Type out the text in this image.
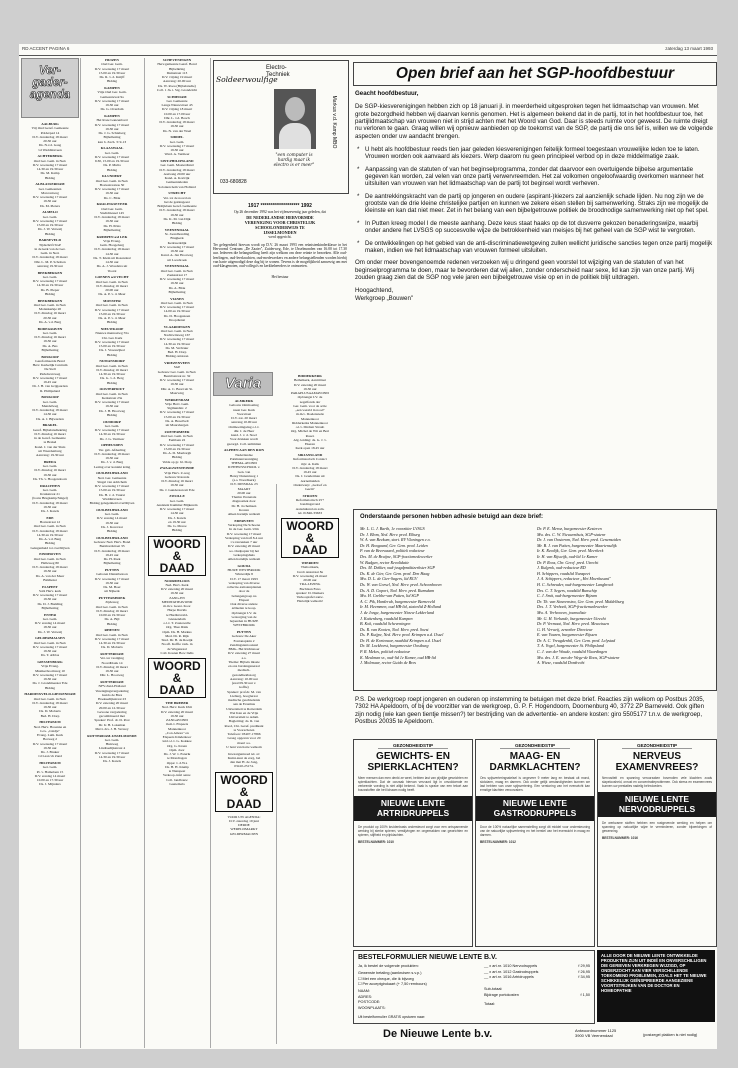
RD ACCENT PAGINA 6	zaterdag 13 maart 1993
Ver-
gader-
agenda
AALBURG

Vrij Oud Geref. Gemeente
Polderpad 14
D.V. donderdag 18 maart
20.30 uur
Ds. N.v.d. Gaag
vd Waddinxveen
ACHTERBERG

Oud Ger. Gem. in Ned.
D.V. woensdag 17 maart
14.30 en 19.30 uur
Ds. M. Kamp
Biddag
ALBLASSERDAM

Ger. Gemeenten
Marconiweg
D.V. woensdag 17 maart
19.30 uur
Ds. M. Pieters
ALMELO

Ger. Gem.
D.V. woensdag 17 maart
15.00 en 19.30 uur
Ds. J. W. Verweij
Biddag
BARNEVELD

Tijdschrift SGP
in de kerk van de Ger.
Gem. in Ned.
D.V. donderdag 18 maart
Dhr. L. M. P. Scholten
aanvang 19.30 uur
BEEKBERGEN

Ger. Gem.
D.V. woensdag 17 maart
14.30 en 19.30 uur
Ds. B. Pieper
Biddag
BEEKBERGEN

Oud Ger. Gem. in Ned.
Molenkerkje 20
D.V. dinsdag 16 maart
20.30 uur
Ds. A. v.d. Berg
BODEGRAVEN

Ger. Gem.
D.V. dinsdag 16 maart
19.30 uur
Ds. A. Bas
Bijbellezing
BOSKOOP

Gereformeerde Bond
Herv. Kerkelijk Centrum
De Stell
Parkdwarsweg
D.V. woensdag 17 maart
19.45 uur
Dr. J. H. van Grijgaarden
R. Philipsland
BOSKOOP

Ger. Gem.
Mendelweg
D.V. donderdag 18 maart
14.30 uur
Ds. A. J. Bijwarden
BRAKEL

Geref. Bijbelstudiekring
D.V. dinsdag 16 maart
in de Geref. Gemeente
te Brakel
Kand. J. van der Sluis
uit Waardenburg
Aanvang: 19.30 uur
BREDA

Ger. Gem.
D.V. dinsdag 16 maart
19.30 uur
Ds. Th. v. Hoogendoorn
DRACHTEN

Ger. Gem.
Kruisstraat 21
(bouw Brugkamp/Singel)
D.V. donderdag 18 maart
19.30 uur
Ds. J. Karels
EDE

Bouwstraat 12
Oud Ger. Gem. in Ned.
D.V. donderdag 18 maart
14.30 en 19.30 uur
Ds. A. v.d. Berg
Biddag
Gelegenheid tot overblijven
EINDHOVEN

Oud Ger. Gem. in Ned.
Halleweg 80
D.V. donderdag 18 maart
19.30 uur
Ds. A. van der Meer
Biddienst
ELSPEET

Sobi Herv. kerk
D.V. woensdag 17 maart
19.30 uur
Ds. D. J. Budding
Bijbellezing
ENTER

Ger. Gem.
D.V. zondag 14 maart
18.30 uur
Ds. J. W. Verweij
GELDERMALSEN

Oud Ger. Gem. in Ned.
D.V. woensdag 17 maart
19.30 uur
Ds. T. Alblas
GIESSENBURG

Vrije Evang.
Musikerboomweg 10
D.V. woensdag 17 maart
19.30 uur
Ds. J. Grondmeester Ede
Biddag
HARDINXVELD-GIESSENDAM

Oud Ger. Gem. in Ned.
D.V. donderdag 18 maart
19.30 uur
Ds. D. Moberts
Bed. H. Dorp
HILVERSUM

Ned. Herv. Hosanna en
G.G. „Lindje"
Evang. Luth. Kerk
Bosweg 2
D.V. woensdag 17 maart
19.30 uur
Ds. J. Bruker
vd Laan vh Zand
HILVERSUM

Ger. Gem.
Pr. v. Hamelaan 15
D.V. zondag 14 maart
10.00 en 17.30 uur
Ds. J. Mijnders
HUIZEN

Oud Ger. Gem.
D.V. woensdag 17 maart
15.00 en 19.30 uur
Ds. R. v. d. Knijff
Biddag
KAMPEN

Vrije Oud Ger. Gem.
Gemeentewal 9a
D.V. woensdag 17 maart
19.30 uur
Ds. G. Overdam
KAMPEN

Het Roze Ganzenbord
D.V. woensdag 17 maart
19.30 uur
Ds. J. G. Schieberg
Bijbellezing
kan b. Zach. 3: 9-13
KLAASWAAL

Ger. Gem.
D.V. woensdag 17 maart
9.30, 15.00 en 19.30 uur
Ds. P. Mulia
Biddag
KLUNDERT

Oud Ger. Gem. in Ned.
Bouwstraatsas 50
D.V. woensdag 17 maart
19.30 uur
Ds. C. Blok
KRALINGSEVEER

Oud Ger. Gem.
Stadtdriessel 145
D.V. donderdag 18 maart
19.30 uur
Ds. H. Prins
Bijbellezing
KRIMPEN a/d LEK

Vrije Evang.
Gem. Hoogeberg
D.V. donderdag 18 maart
14.30 uur
Ds. T. Klein uit Rozendaal
14.30 uur
Ds. A. J. Woudstra uit
Voorst
LOENEN a/d VECHT

Oud Ger. Gem. in Ned.
D.V. dinsdag 16 maart
20.00 uur
Ds. A. P. v. d. Meer
MONSTER

Oud Ger. Gem. in Ned.
D.V. woensdag 17 maart
15.00 en 19.30 uur
Ds. A. P. v. d. Meer
Biddag
NIEUWKOOP

Nieuwe mennonwg 55a
Chr. Ger. Kerk
D.V. woensdag 17 maart
15.00 en 19.30 uur
Ds. J. Vreeswijkal
Biddag
NUMANSDORP

Oud Ger. Gem. in Ned.
D.V. dinsdag 16 maart
14.30 en 19.30 uur
Ds. G. v. d. Berg
Biddag
OOSTERHOUT

Oud Ger. Gem. in Ned.
Kerkstraat 23a
D.V. woensdag 17 maart
19.30 uur
Ds. J. H. Hoorweg
Biddag
OUDDORP

Ger. Gem.
D.V. woensdag 17 maart
14.30 en 19.30 uur
Ds. J. G. Vermeer
OPHEUSDEN

Ver. geb. Afdeeling
D.V. donderdag 18 maart
19.30 uur
Ds. J. v. d. Berg
Lezing over kontakt kring
OUD-BEIJERLAND

Ned. Ger. Gemeente
Singel van Adrichem
D.V. woensdag 17 maart
15.00 en 19.30 uur
Ds. H. v. d. Vuurst
Waddinxveen
Biddag gelegenheid overblijven
OUD-BEIJERLAND

Ger. Gem.
D.V. zondag 14 maart
19.30 uur
Ds. J. Korevaar
Biddag
OUD-BEIJERLAND

Gebouw Ned. Herv. Bond
Bernhardstraat 33
D.V. donderdag 18 maart
19.45 uur
Ds. H. Peek
Bijbellezing
PUTTEN

Geboren Dienstbetoon
D.V. woensdag 17 maart
19.30 uur
Ds. M. Boer
uit Nijkerk
PUTTERSHOEK

Zijdeweg
Oud Ger. Gem. in Ned.
D.V. dinsdag 16 maart
10.00 en 19.30 uur
Ds. A. Bijl
Biddag
RHENEN

Oud Ger. Gem. in Ned.
D.V. woensdag 17 maart
14.30 en 19.30 uur
Ds. D. Moberts
ROTTERDAM

Ver. ter vestiging
Noordblaak 14
D.V. dinsdag 16 maart
19.30 uur
Dhr. L. Hoorweg
ROTTERDAM

NFV-Zuid-Holland
Verenigingsvergadering
Guido de Bres
Hoeksedijkstraat 23
D.V. zaterdag 20 maart
20.00 en 12.30 uur
Gewone vergadering
gecombineerd met
Spreker: Prof. dr. D. Post
Dr. Ir. H. Lokeman
Mevr. drs. J. H. Verwey
ROTTERDAM-IJSSELMONDE

Ger. Gem.
Huisweg
Lindtsedijkstraat 4
D.V. woensdag 17 maart
14.30 en 19.30 uur
Ds. J. Karels
SCHEVENINGEN

Herv.gemeente Geref. Bond
Bijbelkring
Duinstraat 113
D.V. vrijdag 19 maart
Aanvang: 20.00 uur
Ds. W. Roos (Bijbelstudie)
Coll. 1 Jn. i. Sig. Grondzicht
SCHIEDAM

Ger. Gemeente
Lange Nieuwstraat 43
D.V. vrijdag 18 maart
10.00 en 17.00 uur
Dhr. L. v.d. Bosch
D.V. donderdag 18 maart
19.30 uur
Ds. N. van der Waal
SIDDEL

Ger. Gem.
D.V. woensdag 17 maart
19.30 uur
Ward. A. Vermeer
SINT-PHILIPSLAND

Ger. Gem. Mosterdland
D.V. donderdag 18 maart
Aanvang 20.00 uur
Kand. A. Kortrijk
Gemeenteleden
Solonien hem van Holland
UTRECHT

Ver. tot de noord en
het de gezinsgeest
Bolijklaan Geref. Gemeente
D.V. donderdag 18 maart
19.30 uur
Ds. K. M. van Dijk
Biddag
VEENENDAAL

St. Joondbonding
Brugkerk
Kerkwerklijk
D.V. woensdag 17 maart
19.30 uur
Kand. A. Jan Hoorweg
uit Loosbroek
VEENENDAAL

Oud Ger. Gem. in Ned.
Zaaksstraat 17
D.V. woensdag 17 maart
19.30 uur
Ds. A. Blok
Bijbellezing
VIANEN

Oud Ger. Gem. in Ned.
D.V. woensdag 17 maart
14.00 en 19.30 uur
Ds. D. Hoogesteen
Doopdienst
VLAARDINGEN

Oud Ger. Gem. in Ned.
Nachtwitsweg 167
D.V. woensdag 17 maart
14.30 en 19.30 uur
Ds. M. Verbruur
Bed. H. Dorp
Biddag ontstaan
VRIEZENVEEN

SGP
Gebouw Ger. Gem. in Ned.
Beatrixstraat nr. 32
D.V. woensdag 17 maart
19.30 uur
Dhr. A. C. Baart uit St.
Maarwirg
WERKENDAM

Vrije Herv. Gem.
Sigmundstr. 2
D.V. woensdag 17 maart
15.00 en 19.30 uur
Ds. A. Breedvelt
uit Maarsbergen
ZOETERMEER

Oud Ger. Gem. in Ned.
Eemlaan 22
D.V. woensdag 17 maart
15.00 en 19.30 uur
Ds. A. D. Maaborgh
Biddag
Velde op gr. hl. Dorp
ZWAAGWESTEINDE

Vrije Herv. Z-weg
Gebouw Rotonde
D.V. dinsdag 16 maart
19.30 uur
Ds. J. Gunderaan uit Ede
ZWOLLE

Ger. Gem.
Assistent Kummer Blijkerein
D.V. woensdag 17 maart
14.30 uur
Ds. J. Karels
en 19.30 uur
Ds. G. Moree
Biddag
WOORD
&
DAAD
NOORDELOOS

Ned. Herv. Kerk
D.V. zaterdag 20 maart
19.30 uur
ZANG-EN
MEDITATIEAVOND
m.m.v. Geesr. Koor
Harpe Davids
te Hardinxveld-
Giessendam
o.l.v. T. Zoutewelle
Org. Theo Rink
Opm. Ds. H. Markus
Med. Dr. R. Rijk
Stud. Dr. B. de Roeijk
Na afl. Koffie verk. in
de Wagenzaal
Coll. Kosten Bow Indis
WOORD
&
DAAD
THE BREBER
Ned. Herv. Kerk Ulm
D.V. zaterdag 20 maart
19.30 uur
ZANGAVOND
m.m.v. Elspeets
Mannenkoor
„Con Amore" en
Elspeets Kinderkoor
leid o.l.v. G. Kokkee
Org. G. Kraan
Opm. door
Ds. J. W. v. Esterik
te Mondragon
Oppe: v. d.W.s
Ds. H. H. Kiemp
te Nunspeet
Verkoop-tafel aanw.
Coll. landbouw
Guatemala
Soldeerwoulfige
Electro-
Techniek
"een computer is
hardig maar ik
electro is er meer"
Markus v.d. Kamp MBO
033-680828
1917 ******************** 1992
Op 26 december 1992 was het vijfenzeventig jaar geleden, dat
DE NEDERLANDSE HERVORMDE
VERENIGING VOOR CHRISTELIJK
SCHOOLONDERWIJS TE
IJSSELMONDEN
werd opgericht.
Ter gelegenheid hiervan wordt op D.V. 26 maart 1993 een reünistenkinderklasse in het Hervormd Centrum „De Zaaier", Zuiderweg, Ede, te IJsselmonden van 16.00 tot 17.30 uur. Iedereen die belangstelling heeft zijn welkom om deze reünie te bezoeken. Alle oud-leerlingen, oud-leerkrachten, oud-medewerkers en andere belangstellenden worden hierbij van harte uitgenodigd deze dag bij te wonen. Tevens is de mogelijkheid aanwezig om met oud-klasgenoten, oud-collega's en kerkbeheerders te ontmoeten.
Het bestuur
Varia
ALMKERK

Gebouw Ontmoeting
naast Ger. Kerk
Voorstraat
D.V. zat. 20 maart
aanvang 10.00 uur
Ontmoetingsdag o.l.v.
dhr. J. de Heer
kand. J. v. d. Stoel
Voor drukken wordt
gezorgd. Coll. unlimiten
ALPHEN AAN DEN RIJN

Nederlandse
Patiëntenvereniging
THEMA-AVOND
ICHTHUSSCHOOL v.
Gen. van
Henry Dunantweg 1
(a.s. Noordkerk)
D.V. DINSDAG 23
MAART
20.00 uur
Thema: Prenatale
diagnostiek door
Dr. H. Jochemsen
Kosten
Alken harteijk welkom
EDERVEEN

Verkoping De Schoene
In de Ger. Gem. Ulm
D.V. woensdag 17 maart
Verkoping van half 8-4 uur
t.v.verzeuken 7 uur
D.V. zaterdag 20 maart
a.s. Oudpapier bij het
verkopingshuis
Allen hartelijk welkom
GOUDA

HUIZE WESTBROOK
Winterdijk 8
D.V. 17 maart 1993
verkoping van diverse
collectie-tomatenplanten
door de
belangengroep na
Elspeet
Ook diverse andere
artikelen te koop.
Opbrengst I.V. de
verzorging van de
bejaarden in HUIZE
WESTBROOK
PUTTEN

Gebouw De Aker
Fontanaplein 2
Zendingstentoonstel
BMG- Het Richtsnoer
D.V. zaterdag 27 maart
a.s.
Thema: Bijbels missie
en ons burdengeneraal
medisch-
gezondheidszorg
Aanvang: 10.00 uur
(zaal 09.30 uur v.
koffie)
Spreker: prof.dr. M. van
Lieburg, hoogleraar
medische geschiedenis
aan de Erasmus
Universiteit te Rotterdam
Wet Kan en de Vrije
Universiteit te Adam.
Bagletting: ds. R. van
Rood, Chr. Geref. predikant
te Voorschoten
Telefoon: 03407-17866
Graag opgeven voor 20
maart a.s.
U bent van harte welkom
Inwaarguntreed tel. at:
Kuint-zuur de zorg, bel
dan met H. de Jong,
03410-25174.
WOORD
&
DAAD
VOOR UW AGENDA:
D.V. zaterdag 19 juni
DERDE
WERELDMARKT
GELDERMALSEN
BIDDERKERK

Bethelkerk, Aantrittaat
D.V. zaterdag 20 maart
19.30 uur
PARAPLUSAAMAVOND
Opbrengst I.V. de
zegelfonds der
Ger. Gem. voor de actie
„een wereld in nood"
m.m.v. Doelenstede
Mannenkoor
Ridderkerks Mannenkoor
o.l.v. Dirdant Straub
Org. Michel de Wit en Bert
Rosel.
Alg. leiding: ds. G. J. v.
Ekeren
Kerk open 18.45 uur
SIRJANSLAND

Reformatorisch Contact
mjv. A. Kalk
D.V. donderdag 18 maart
19.45 uur
Ds. J. Gruderman uit
Aarnemuiden
Onderwerp: „Geloof en
Gezin"
STRIJEN

Reformatorisch 25+
bondingavond
Aansluitend en aaln.
tel. 01846-33633
WOORD
&
DAAD
WIERDEN
Thabortkerk,
Jacob Ansstraat 8a
D.V. woensdag 24 maart
20.00 uur
TRA-LEZING
Bachlaan Fano
spreker: D. Dankers
Verkooptafel aanw.
Hartelijk welkom!
Open brief aan het SGP-hoofdbestuur

Geacht hoofdbestuur,

De SGP-kiesverenigingen hebben zich op 18 januari jl. in meerderheid uitgesproken tegen het lidmaatschap van vrouwen. Met grote bezorgdheid hebben wij daarvan kennis genomen. Het is algemeen bekend dat in de partij, tot in het hoofdbestuur toe, het partijlidmaatschap van vrouwen niet in strijd achten met het Woord van God. Daar is steeds ruimte voor geweest. De ruimte dreigt nu verloren te gaan. Graag willen wij opnieuw aanbieden op de toekomst van de SGP, de partij die ons lief is, willen we de volgende aspecten onder uw aandacht brengen.

* U hebt als hoofdbestuur reeds tien jaar geleden kiesverenigingen feitelijk formeel toegestaan vrouwelijke leden toe te laten. Vrouwen worden ook aanvaard als kiezers. Werp daarom nu geen principieel verbod op in deze middelmatige zaak.
* Aanpassing van de statuten of van het beginselprogramma, zonder dat daarvoor een overtuigende bijbelse argumentatie gegeven kan worden, zal velen van onze partij verwervreemden. Het zal volkomen ongeloofwaardig overkomen wanneer het uitsluiten van vrouwen van het lidmaatschap van de partij tot beginsel wordt verheven.
* De aantrekkingskracht van de partij op jongeren en oudere (aspirant-)kiezers zal aanzienlijk schade lijden. Nu nog zijn we de grootste van de drie kleine christelijke partijen en kunnen we zekere eisen stellen bij samenwerking. Straks zijn we mogelijk de kleinste en kan dat niet meer. Zet in het belang van een bijbelgetrouwe politiek de broodnodige samenwerking niet op het spel.
* In Putten kreeg model I de meeste aanhang. Deze keus staat haaks op de tot dusverre gekozen benaderingswijze, waarbij onder andere het LVSGS op succesvolle wijze de betrokkenheid van meisjes bij het geheel van de SGP wist te vergroten.
* De ontwikkelingen op het gebied van de anti-discriminatiewetgeving zullen wellicht juridische sancties tegen onze partij mogelijk maken, indien we het lidmaatschap van vrouwen formeel uitsluiten.

Om onder meer bovengenoemde redenen verzoeken wij u dringend geen voorstel tot wijziging van de statuten of van het beginselprogramma te doen, maar te bevorderen dat wij allen, zonder onderscheid naar sexe, lid kan zijn van onze partij. Wij zouden graag zien dat de SGP nog vele jaren een bijbelgetrouwe visie op en in de politiek blijt uitdragen.

Hoogachtend,

Werkgroep „Bouwen"

Onderstaande personen hebben adhesie betuigd aan deze brief:
Mr. L. G. J. Barth, 1e voorzitter LVSGS
Dr. J. Blom, Ned. Herv. pred. Elburg
W. A. van Beekum, stort. RV Vlaningen e.o.
Dr. H. Boogaard, Ger. Gem. pred. Leiden
P. van de Breewaard, politiek redacteur
Drs. M. de Bruijne, SGP-fractiemedewerker
W. Budgen, rector Revalidatie
Drs. M. Dekker, oud-jeugdpraktizerkster SGP
Ds. K. de Gier, Ger. Gem. pred. Den Haag
Mw. D. L. de Gier-Sagers, lid RGV
Ds. W. van Gorsel, Ned. Herv. pred. Schoonhoven
Ds. A. D. Goport, Ned. Herv. pred. Rumsdam
Mw. H. Grebbe-van Putten, lid SGP
A. C. Pik, Harderub, burgemeester Barneveld
Ir. M. Heemmen, oud HB-lid, statenlid Z-Holland
J. de Jonge, burgemeester Nieuw-Lekkerland
J. Kattenberg, raadslid Kampen
B. Kok, raadslid Scheveningen
Ds. R. van Kooten, Ned. Herv. pred. Soest
Ds. P. Kuijpe, Ned. Herv. pred. Krimpen a.d. IJssel
Dr. H. de Kortenaar, raadslid Krimpen a.d. IJssel
Dr. M. Lockhorst, burgemeester Oostburg
P. R. Mekes, politiek redacteur
K. Meulman sr., oud-lid 1e Kamer, oud HB-lid
J. Molenaar, rector Guido de Bres
Dr. P. E. Meroz, burgemeester Kesteren
Mw. drs. C. W. Nieuwenhuis, SGP-statenr
Dr. J. van Oosterom, Ned. Herv. pred. Genemuiden
Mr. B. J. van Putten, burgemeester Maartensdijk
Ir. K. Reedijk, Ger. Gem. pred. Meerkerk
Ir. H. van Rijswijk, oud-lid 1e Kamer
Dr. P. Roos, Chr. Geref. pred. Utrecht
J. Rulgrok, oud-redacteur RD
H. Schippers, raadslid Nunspeet
J. A. Schippers, redacteur „Het Moerkusant"
H. C. Schreuder, oud-burgemeester Langbroek
Drs. C. T. Segers, raadslid Bunschip
C. J. Smit, oud-burgemeester Bijzam
Dr. Th. van Staveenstra, Ger. Gem. pred. Middelburg
Drs. J. T. Verhoek, SGP-fractiemedewerker
Mw. A. Verhooven, journaliste
Mr. G. H. Verlunde, burgemeester Utrecht
Dr. P. Vermaat, Ned. Herv. pred. Meuwissen
G. H. Verweij, zenorber Directeur
E. van Vuuren, burgemeester Rijssen
Dr. A. C. Vreugdenhil, Ger. Gem. pred. Lelystad
T. A. Vogel, burgemeester St. Philipsland
C. J. van der Woude, raadslid Vlaardingen
Mw. drs. J. E. van der Wege-de Roos, SGP-statenr
A. Wiese, raadslid Dordrecht
P.S. De werkgroep roept jongeren en ouderen op instemming te betuigen met deze brief. Reacties zijn welkom op Postbus 2035, 7302 HA Apeldoorn, of bij de voorzitter van de werkgroep, G. P. F. Hogendoorn, Doornenburg 40, 3772 ZP Barneveld. Ook giften zijn nodig (wie kan geen tientje missen?) ter bestrijding van de advertentie- en andere kosten: giro 5505177 t.n.v. de werkgroep, Postbus 20035 te Apeldoorn.
GEZONDHEIDSTIP
GEWICHTS- EN SPIERKLACHTEN?
Meer mensen dan men denkt ze weet, hebben last van pijnlijke gewrichten en spierklachten. Dat de oorzaak hiervan verzuurd ligt in onvoldoende en verkeerde voeding is niet altijd bekend. Vaak is sprake van een tekort aan bouwstoffen die het lichaam nodig heeft.
NIEUWE LENTE ARTRIDRUPPELS
De produkt op 100% kruidenbasis ondersteunt zorgt voor een ontspannende werking bij sterke spieren, verstijvingen en ongemakken van gewrichten en spieren, stijfheid en pijnklachten.
BESTELNUMMER: 1010
GEZONDHEIDSTIP
MAAG- EN DARMKLACHTEN?
Ons spijsverteringsstelsel is ongeveer 9 meter lang en bestaat uit mond, slokdarm, maag en darmen. Ook onder gelijk omstandigheden kunnen we last hebben van onze spijsvertering. Een verstoring van het evenwicht kan ernstige klachten veroorzaken.
NIEUWE LENTE GASTRODRUPPELS
Door de 100% natuurlijke samenstelling zorgt dit middel voor ondersteuning van de natuurlijke spijsvertering en het herstel van het evenwicht in maag en darmen.
BESTELNUMMER: 1012
GEZONDHEIDSTIP
NERVEUS EXAMENVREES?
Nervositeit en spanning veroorzaken bovendien vele klachten zoals slapeloosheid, onrust en concentratieproblemen. Ook stress en examenvrees kunnen uw prestaties nadelig beïnvloeden.
NIEUWE LENTE NERVODRUPPELS
De werkzame stoffen hebben een rustgevende werking en helpen om spanning op natuurlijke wijze te verminderen, zonder bijwerkingen of gewenning.
BESTELNUMMER: 1016
BESTELFORMULIER NIEUWE LENTE B.V.
Ja, ik bestel de volgende produkten:
Gewenste betaling (aankruisen s.v.p.)
☐ Met een cheque, die ik bijvoeg
☐ Per acceptgirokaart (+ 7,50 rembours)
__ x art.nr. 1010 Nervodruppels	f 29,95
__ x art.nr. 1012 Gastrodruppels	f 26,95
__ x art.nr. 1016 Artridruppels	f 34,95
NAAM:
ADRES:
POSTCODE:
WOONPLAATS:
Sub-totaal:
Bijdrage portokosten	f 1,50
Totaal:
Uit bestelformulier GRATIS opsturen naar:
ALLE DOOR DE NIEUWE LENTE ONTWIKKELDE PRODUKTEN ZIJN UIT INDIË EN ONVERSCHILLIGEN DIE GERIEVEN VERKREGEN WIJZIGD, OP ONDERZOCHT AAN VIER VERSCHILLENDE TOEKOMEND PROBLEMEN, ZOALS HET TE NIEUWE SCHIKKELIJK GEÏNSPIREERDE AANGEZIENE VOORTSTRIJKEN VAN DE DOCTOR EN HOMEOPATHIE
De Nieuwe Lente b.v.	Antwoordnummer 1125
3900 VB Veenendaal	(postzegel plakken is niet nodig)
